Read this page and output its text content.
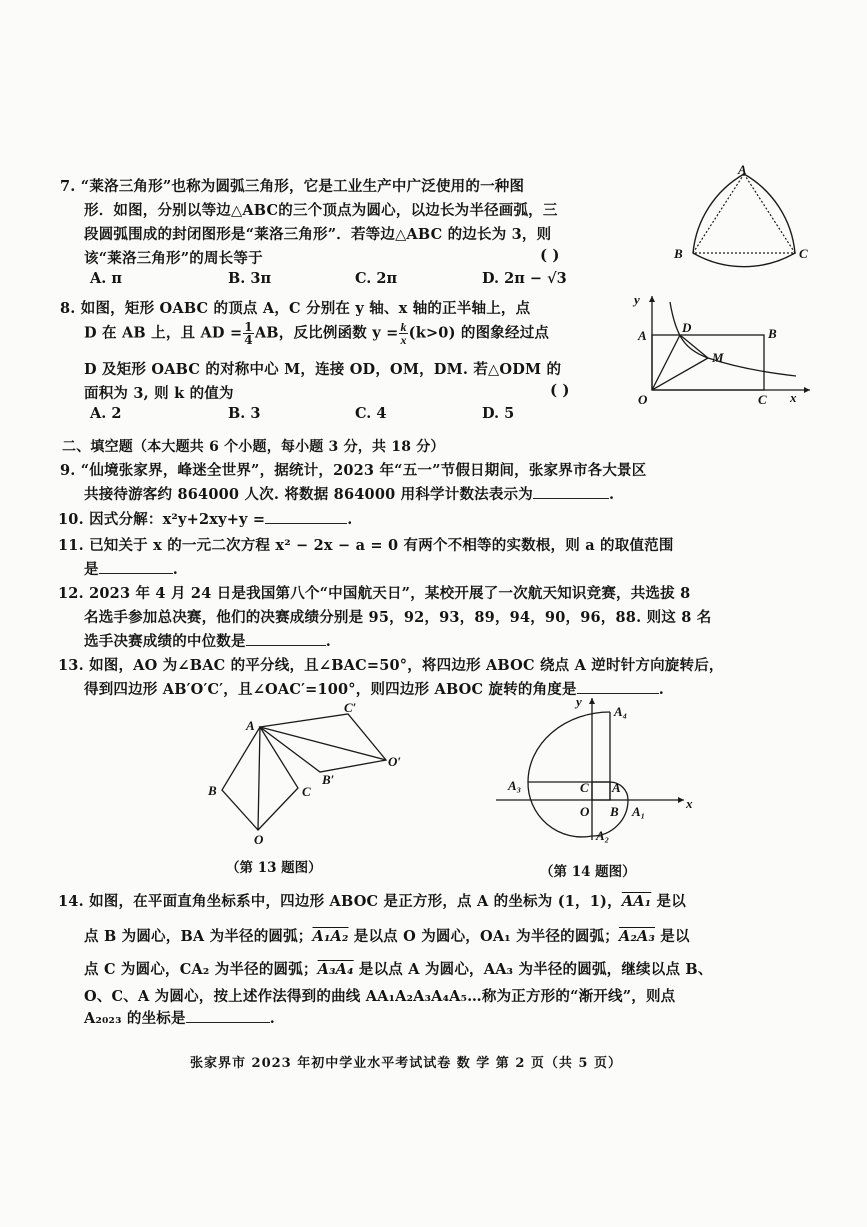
7. “莱洛三角形”也称为圆弧三角形，它是工业生产中广泛使用的一种图
形．如图，分别以等边△ABC的三个顶点为圆心，以边长为半径画弧，三
段圆弧围成的封闭图形是“莱洛三角形”．若等边△ABC 的边长为 3，则
该“莱洛三角形”的周长等于	( )
A. π	B. 3π	C. 2π	D. 2π − √3
A
B	C
8. 如图，矩形 OABC 的顶点 A，C 分别在 y 轴、x 轴的正半轴上，点
D 在 AB 上，且 AD = $\frac{1}{4}$ AB，反比例函数 $y = \frac{k}{x} (k>0)$ 的图象经过点
D 及矩形 OABC 的对称中心 M，连接 OD，OM，DM. 若△ODM 的
面积为 3, 则 k 的值为	( )
A. 2	B. 3	C. 4	D. 5
y
x
A	B
C
D
M
O
二、填空题（本大题共 6 个小题，每小题 3 分，共 18 分）
9. “仙境张家界，峰迷全世界”，据统计，2023 年“五一”节假日期间，张家界市各大景区
共接待游客约 864000 人次. 将数据 864000 用科学计数法表示为	.
10. 因式分解：x²y+2xy+y =	.
11. 已知关于 x 的一元二次方程 x² − 2x − a = 0 有两个不相等的实数根，则 a 的取值范围
是	.
12. 2023 年 4 月 24 日是我国第八个“中国航天日”，某校开展了一次航天知识竞赛，共选拔 8
名选手参加总决赛，他们的决赛成绩分别是 95，92，93，89，94，90，96，88. 则这 8 名
选手决赛成绩的中位数是	.
13. 如图，AO 为∠BAC 的平分线，且∠BAC=50°，将四边形 ABOC 绕点 A 逆时针方向旋转后，
得到四边形 AB′O′C′，且∠OAC′=100°，则四边形 ABOC 旋转的角度是	.
A
B	C
O
B′
C′
O′
（第 13 题图）
y
x
A
B
C
O	A₁
A₂
A₃
A₄
（第 14 题图）
14. 如图，在平面直角坐标系中，四边形 ABOC 是正方形，点 A 的坐标为 (1，1)，AA₁ 是以
点 B 为圆心，BA 为半径的圆弧；A₁A₂ 是以点 O 为圆心，OA₁ 为半径的圆弧；A₂A₃ 是以
点 C 为圆心，CA₂ 为半径的圆弧；A₃A₄ 是以点 A 为圆心，AA₃ 为半径的圆弧，继续以点 B、
O、C、A 为圆心，按上述作法得到的曲线 AA₁A₂A₃A₄A₅…称为正方形的“渐开线”，则点
A₂₀₂₃ 的坐标是	.
张家界市 2023 年初中学业水平考试试卷 数 学 第 2 页（共 5 页）
